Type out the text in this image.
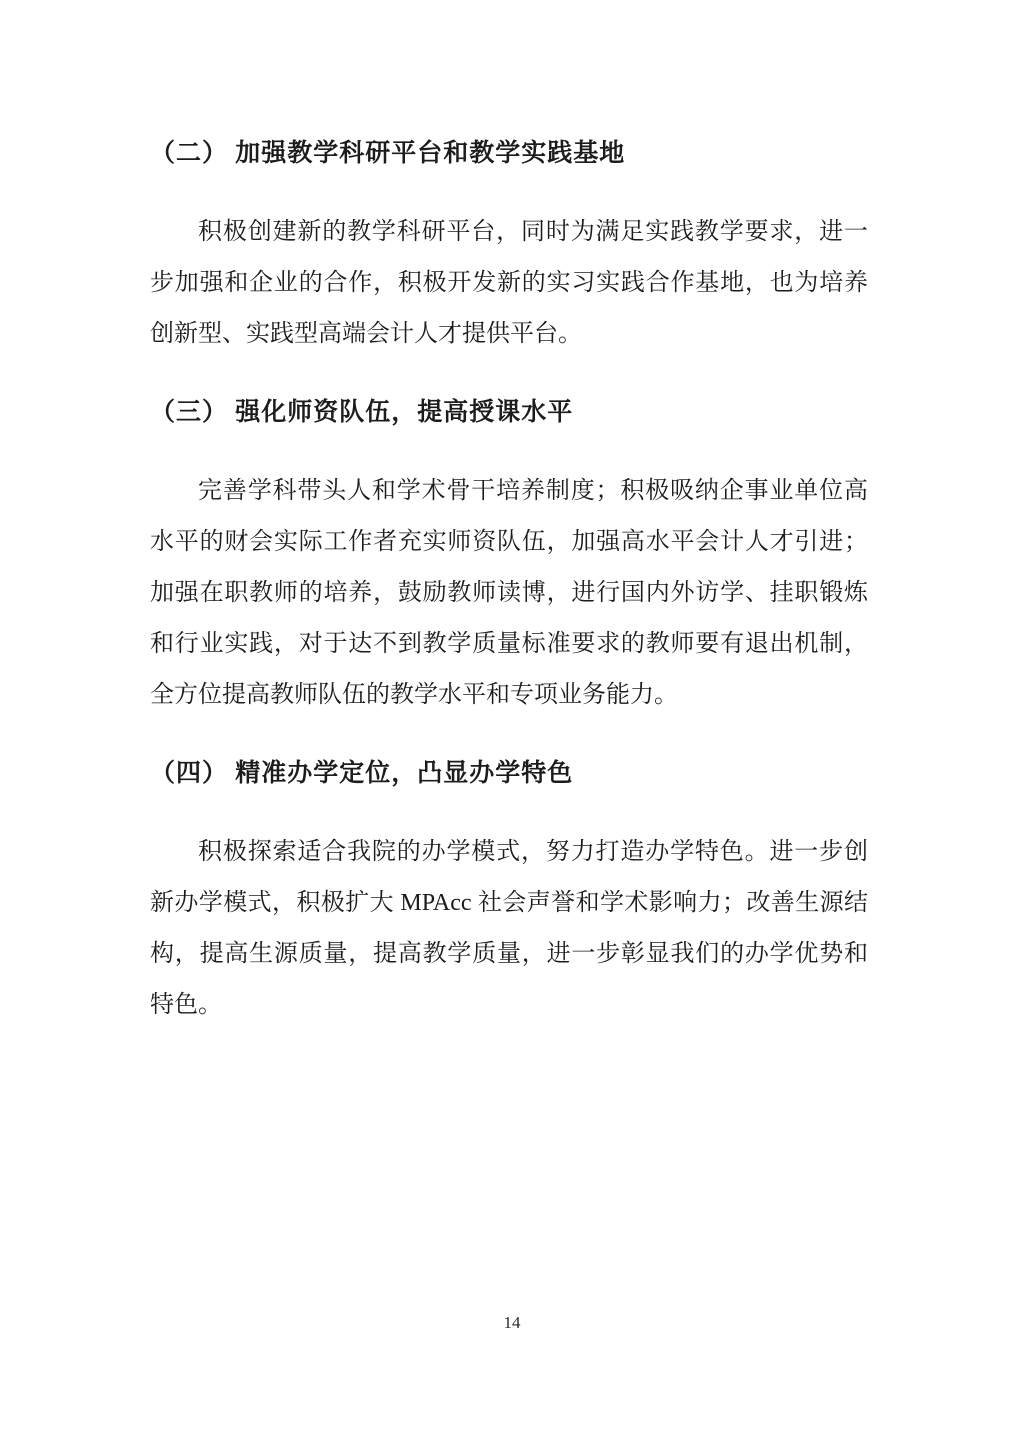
（二） 加强教学科研平台和教学实践基地

积极创建新的教学科研平台，同时为满足实践教学要求，进一步加强和企业的合作，积极开发新的实习实践合作基地，也为培养创新型、实践型高端会计人才提供平台。

（三） 强化师资队伍，提高授课水平

完善学科带头人和学术骨干培养制度；积极吸纳企事业单位高水平的财会实际工作者充实师资队伍，加强高水平会计人才引进；加强在职教师的培养，鼓励教师读博，进行国内外访学、挂职锻炼和行业实践，对于达不到教学质量标准要求的教师要有退出机制，全方位提高教师队伍的教学水平和专项业务能力。

（四） 精准办学定位，凸显办学特色

积极探索适合我院的办学模式，努力打造办学特色。进一步创新办学模式，积极扩大 MPAcc 社会声誉和学术影响力；改善生源结构，提高生源质量，提高教学质量，进一步彰显我们的办学优势和特色。

14
